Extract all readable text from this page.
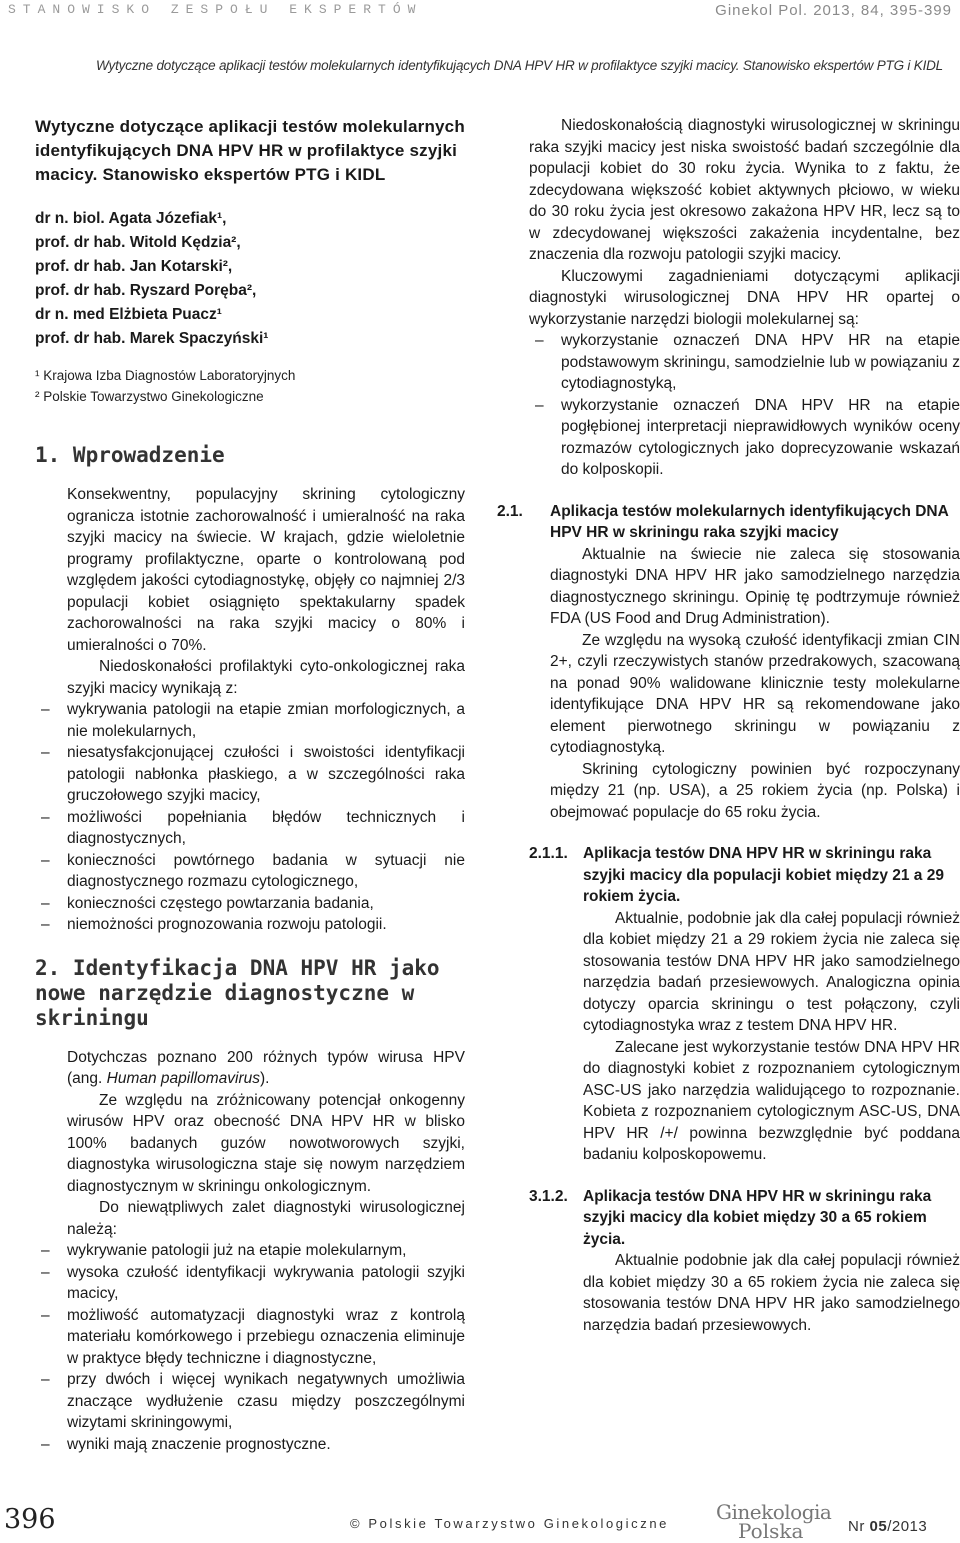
STANOWISKO ZESPOŁU EKSPERTÓW	Ginekol Pol. 2013, 84, 395-399
Wytyczne dotyczące aplikacji testów molekularnych identyfikujących DNA HPV HR w profilaktyce szyjki macicy. Stanowisko ekspertów PTG i KIDL
Wytyczne dotyczące aplikacji testów molekularnych identyfikujących DNA HPV HR w profilaktyce szyjki macicy. Stanowisko ekspertów PTG i KIDL
dr n. biol. Agata Józefiak¹,
prof. dr hab. Witold Kędzia²,
prof. dr hab. Jan Kotarski²,
prof. dr hab. Ryszard Poręba²,
dr n. med Elżbieta Puacz¹
prof. dr hab. Marek Spaczyński¹
¹ Krajowa Izba Diagnostów Laboratoryjnych
² Polskie Towarzystwo Ginekologiczne
1. Wprowadzenie

Konsekwentny, populacyjny skrining cytologiczny ogranicza istotnie zachorowalność i umieralność na raka szyjki macicy na świecie. W krajach, gdzie wieloletnie programy profilaktyczne, oparte o kontrolowaną pod względem jakości cytodiagnostykę, objęły co najmniej 2/3 populacji kobiet osiągnięto spektakularny spadek zachorowalności na raka szyjki macicy o 80% i umieralności o 70%.

Niedoskonałości profilaktyki cyto-onkologicznej raka szyjki macicy wynikają z:

– wykrywania patologii na etapie zmian morfologicznych, a nie molekularnych,
– niesatysfakcjonującej czułości i swoistości identyfikacji patologii nabłonka płaskiego, a w szczególności raka gruczołowego szyjki macicy,
– możliwości popełniania błędów technicznych i diagnostycznych,
– konieczności powtórnego badania w sytuacji nie diagnostycznego rozmazu cytologicznego,
– konieczności częstego powtarzania badania,
– niemożności prognozowania rozwoju patologii.
2. Identyfikacja DNA HPV HR jako nowe narzędzie diagnostyczne w skriningu

Dotychczas poznano 200 różnych typów wirusa HPV (ang. Human papillomavirus).

Ze względu na zróżnicowany potencjał onkogenny wirusów HPV oraz obecność DNA HPV HR w blisko 100% badanych guzów nowotworowych szyjki, diagnostyka wirusologiczna staje się nowym narzędziem diagnostycznym w skriningu onkologicznym.

Do niewątpliwych zalet diagnostyki wirusologicznej należą:

– wykrywanie patologii już na etapie molekularnym,
– wysoka czułość identyfikacji wykrywania patologii szyjki macicy,
– możliwość automatyzacji diagnostyki wraz z kontrolą materiału komórkowego i przebiegu oznaczenia eliminuje w praktyce błędy techniczne i diagnostyczne,
– przy dwóch i więcej wynikach negatywnych umożliwia znaczące wydłużenie czasu między poszczególnymi wizytami skriningowymi,
– wyniki mają znaczenie prognostyczne.

Niedoskonałością diagnostyki wirusologicznej w skriningu raka szyjki macicy jest niska swoistość badań szczególnie dla populacji kobiet do 30 roku życia. Wynika to z faktu, że zdecydowana większość kobiet aktywnych płciowo, w wieku do 30 roku życia jest okresowo zakażona HPV HR, lecz są to w zdecydowanej większości zakażenia incydentalne, bez znaczenia dla rozwoju patologii szyjki macicy.

Kluczowymi zagadnieniami dotyczącymi aplikacji diagnostyki wirusologicznej DNA HPV HR opartej o wykorzystanie narzędzi biologii molekularnej są:

– wykorzystanie oznaczeń DNA HPV HR na etapie podstawowym skriningu, samodzielnie lub w powiązaniu z cytodiagnostyką,
– wykorzystanie oznaczeń DNA HPV HR na etapie pogłębionej interpretacji nieprawidłowych wyników oceny rozmazów cytologicznych jako doprecyzowanie wskazań do kolposkopii.
2.1. Aplikacja testów molekularnych identyfikujących DNA HPV HR w skriningu raka szyjki macicy

Aktualnie na świecie nie zaleca się stosowania diagnostyki DNA HPV HR jako samodzielnego narzędzia diagnostycznego skriningu. Opinię tę podtrzymuje również FDA (US Food and Drug Administration).

Ze względu na wysoką czułość identyfikacji zmian CIN 2+, czyli rzeczywistych stanów przedrakowych, szacowaną na ponad 90% walidowane klinicznie testy molekularne identyfikujące DNA HPV HR są rekomendowane jako element pierwotnego skriningu w powiązaniu z cytodiagnostyką.

Skrining cytologiczny powinien być rozpoczynany między 21 (np. USA), a 25 rokiem życia (np. Polska) i obejmować populacje do 65 roku życia.

2.1.1. Aplikacja testów DNA HPV HR w skriningu raka szyjki macicy dla populacji kobiet między 21 a 29 rokiem życia.

Aktualnie, podobnie jak dla całej populacji również dla kobiet między 21 a 29 rokiem życia nie zaleca się stosowania testów DNA HPV HR jako samodzielnego narzędzia badań przesiewowych. Analogiczna opinia dotyczy oparcia skriningu o test połączony, czyli cytodiagnostyka wraz z testem DNA HPV HR.

Zalecane jest wykorzystanie testów DNA HPV HR do diagnostyki kobiet z rozpoznaniem cytologicznym ASC-US jako narzędzia walidującego to rozpoznanie. Kobieta z rozpoznaniem cytologicznym ASC-US, DNA HPV HR /+/ powinna bezwzględnie być poddana badaniu kolposkopowemu.

3.1.2. Aplikacja testów DNA HPV HR w skriningu raka szyjki macicy dla kobiet między 30 a 65 rokiem życia.

Aktualnie podobnie jak dla całej populacji również dla kobiet między 30 a 65 rokiem życia nie zaleca się stosowania testów DNA HPV HR jako samodzielnego narzędzia badań przesiewowych.

396	© Polskie Towarzystwo Ginekologiczne Ginekologia
Polska	Nr 05/2013
